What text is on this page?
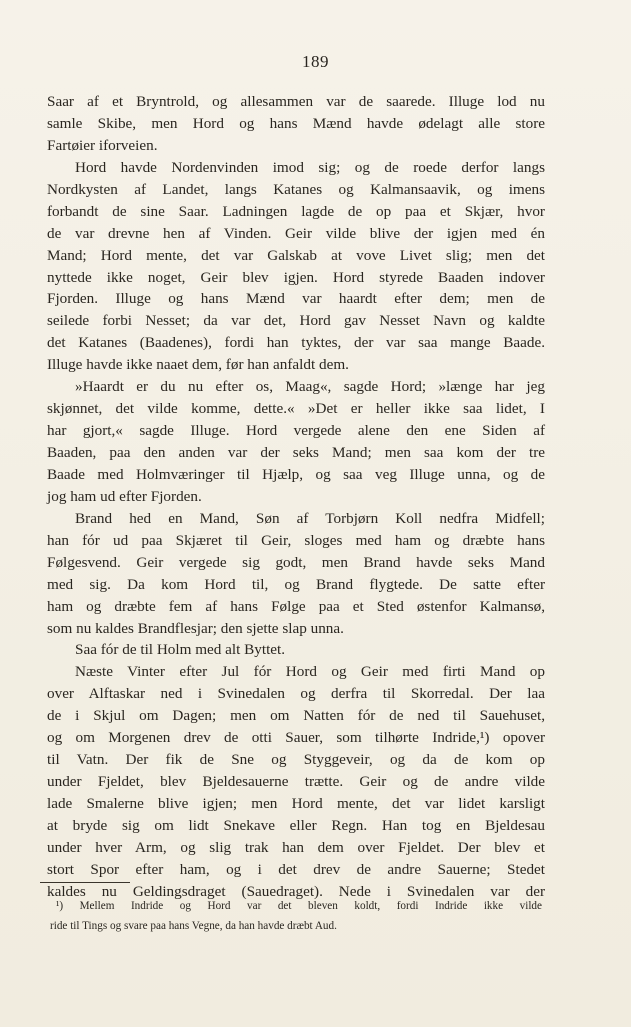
189
Saar af et Bryntrold, og allesammen var de saarede. Illuge lod nu
samle Skibe, men Hord og hans Mænd havde ødelagt alle store
Fartøier iforveien.
Hord havde Nordenvinden imod sig; og de roede derfor langs
Nordkysten af Landet, langs Katanes og Kalmansaavik, og imens
forbandt de sine Saar. Ladningen lagde de op paa et Skjær, hvor
de var drevne hen af Vinden. Geir vilde blive der igjen med én
Mand; Hord mente, det var Galskab at vove Livet slig; men det
nyttede ikke noget, Geir blev igjen. Hord styrede Baaden indover
Fjorden. Illuge og hans Mænd var haardt efter dem; men de
seilede forbi Nesset; da var det, Hord gav Nesset Navn og kaldte
det Katanes (Baadenes), fordi han tyktes, der var saa mange Baade.
Illuge havde ikke naaet dem, før han anfaldt dem.
»Haardt er du nu efter os, Maag«, sagde Hord; »længe har jeg
skjønnet, det vilde komme, dette.« »Det er heller ikke saa lidet, I
har gjort,« sagde Illuge. Hord vergede alene den ene Siden af
Baaden, paa den anden var der seks Mand; men saa kom der tre
Baade med Holmværinger til Hjælp, og saa veg Illuge unna, og de
jog ham ud efter Fjorden.
Brand hed en Mand, Søn af Torbjørn Koll nedfra Midfell;
han fór ud paa Skjæret til Geir, sloges med ham og dræbte hans
Følgesvend. Geir vergede sig godt, men Brand havde seks Mand
med sig. Da kom Hord til, og Brand flygtede. De satte efter
ham og dræbte fem af hans Følge paa et Sted østenfor Kalmansø,
som nu kaldes Brandflesjar; den sjette slap unna.
Saa fór de til Holm med alt Byttet.
Næste Vinter efter Jul fór Hord og Geir med firti Mand op
over Alftaskar ned i Svinedalen og derfra til Skorredal. Der laa
de i Skjul om Dagen; men om Natten fór de ned til Sauehuset,
og om Morgenen drev de otti Sauer, som tilhørte Indride,¹) opover
til Vatn. Der fik de Sne og Styggeveir, og da de kom op
under Fjeldet, blev Bjeldesauerne trætte. Geir og de andre vilde
lade Smalerne blive igjen; men Hord mente, det var lidet karsligt
at bryde sig om lidt Snekave eller Regn. Han tog en Bjeldesau
under hver Arm, og slig trak han dem over Fjeldet. Der blev et
stort Spor efter ham, og i det drev de andre Sauerne; Stedet
kaldes nu Geldingsdraget (Sauedraget). Nede i Svinedalen var der
¹) Mellem Indride og Hord var det bleven koldt, fordi Indride ikke vilde
ride til Tings og svare paa hans Vegne, da han havde dræbt Aud.
